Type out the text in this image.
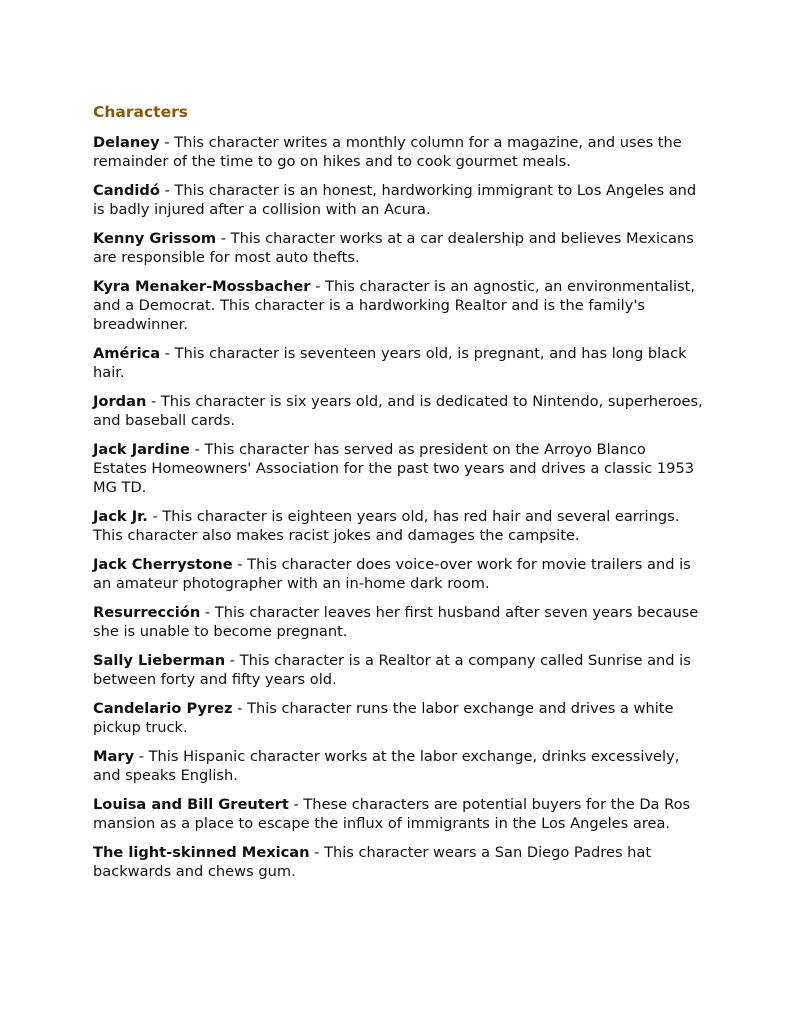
Characters

Delaney - This character writes a monthly column for a magazine, and uses the remainder of the time to go on hikes and to cook gourmet meals.

Candidó - This character is an honest, hardworking immigrant to Los Angeles and is badly injured after a collision with an Acura.

Kenny Grissom - This character works at a car dealership and believes Mexicans are responsible for most auto thefts.

Kyra Menaker-Mossbacher - This character is an agnostic, an environmentalist, and a Democrat. This character is a hardworking Realtor and is the family's breadwinner.

América - This character is seventeen years old, is pregnant, and has long black hair.

Jordan - This character is six years old, and is dedicated to Nintendo, superheroes, and baseball cards.

Jack Jardine - This character has served as president on the Arroyo Blanco Estates Homeowners' Association for the past two years and drives a classic 1953 MG TD.

Jack Jr. - This character is eighteen years old, has red hair and several earrings. This character also makes racist jokes and damages the campsite.

Jack Cherrystone - This character does voice-over work for movie trailers and is an amateur photographer with an in-home dark room.

Resurrección - This character leaves her first husband after seven years because she is unable to become pregnant.

Sally Lieberman - This character is a Realtor at a company called Sunrise and is between forty and fifty years old.

Candelario Pyrez - This character runs the labor exchange and drives a white pickup truck.

Mary - This Hispanic character works at the labor exchange, drinks excessively, and speaks English.

Louisa and Bill Greutert - These characters are potential buyers for the Da Ros mansion as a place to escape the influx of immigrants in the Los Angeles area.

The light-skinned Mexican - This character wears a San Diego Padres hat backwards and chews gum.
